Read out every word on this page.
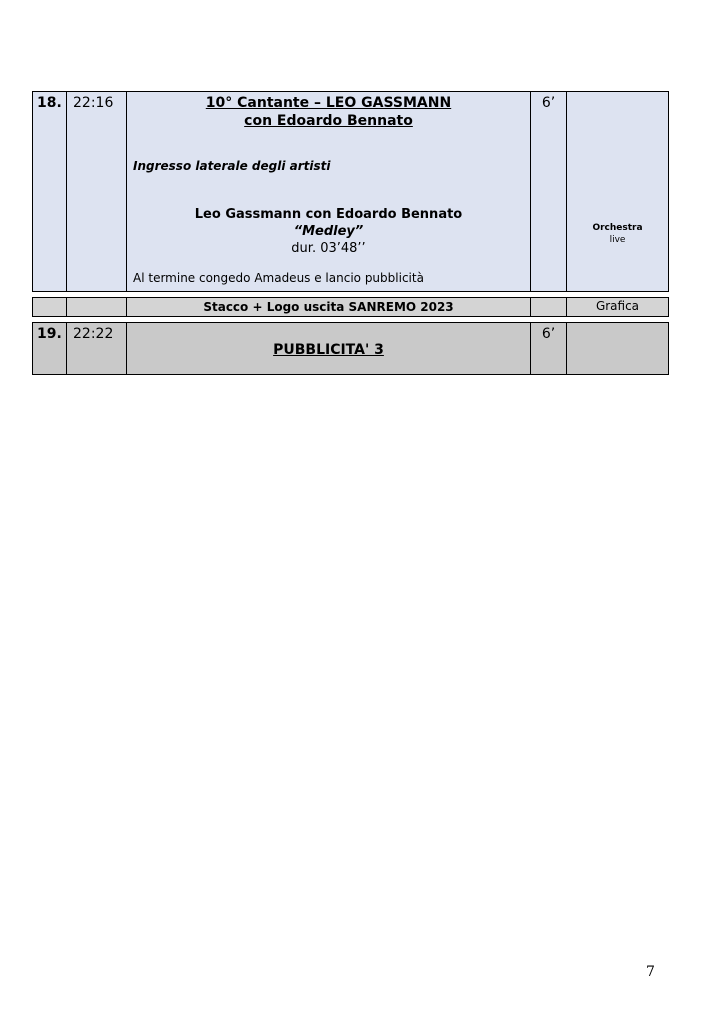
18. 22:16	10° Cantante – LEO GASSMANN
con Edoardo Bennato
Ingresso laterale degli artisti
Leo Gassmann con Edoardo Bennato
“Medley”
dur. 03’48’’
Al termine congedo Amadeus e lancio pubblicità
6’
Orchestra
live
Stacco + Logo uscita SANREMO 2023	Grafica
19. 22:22
PUBBLICITA' 3
6’
7
